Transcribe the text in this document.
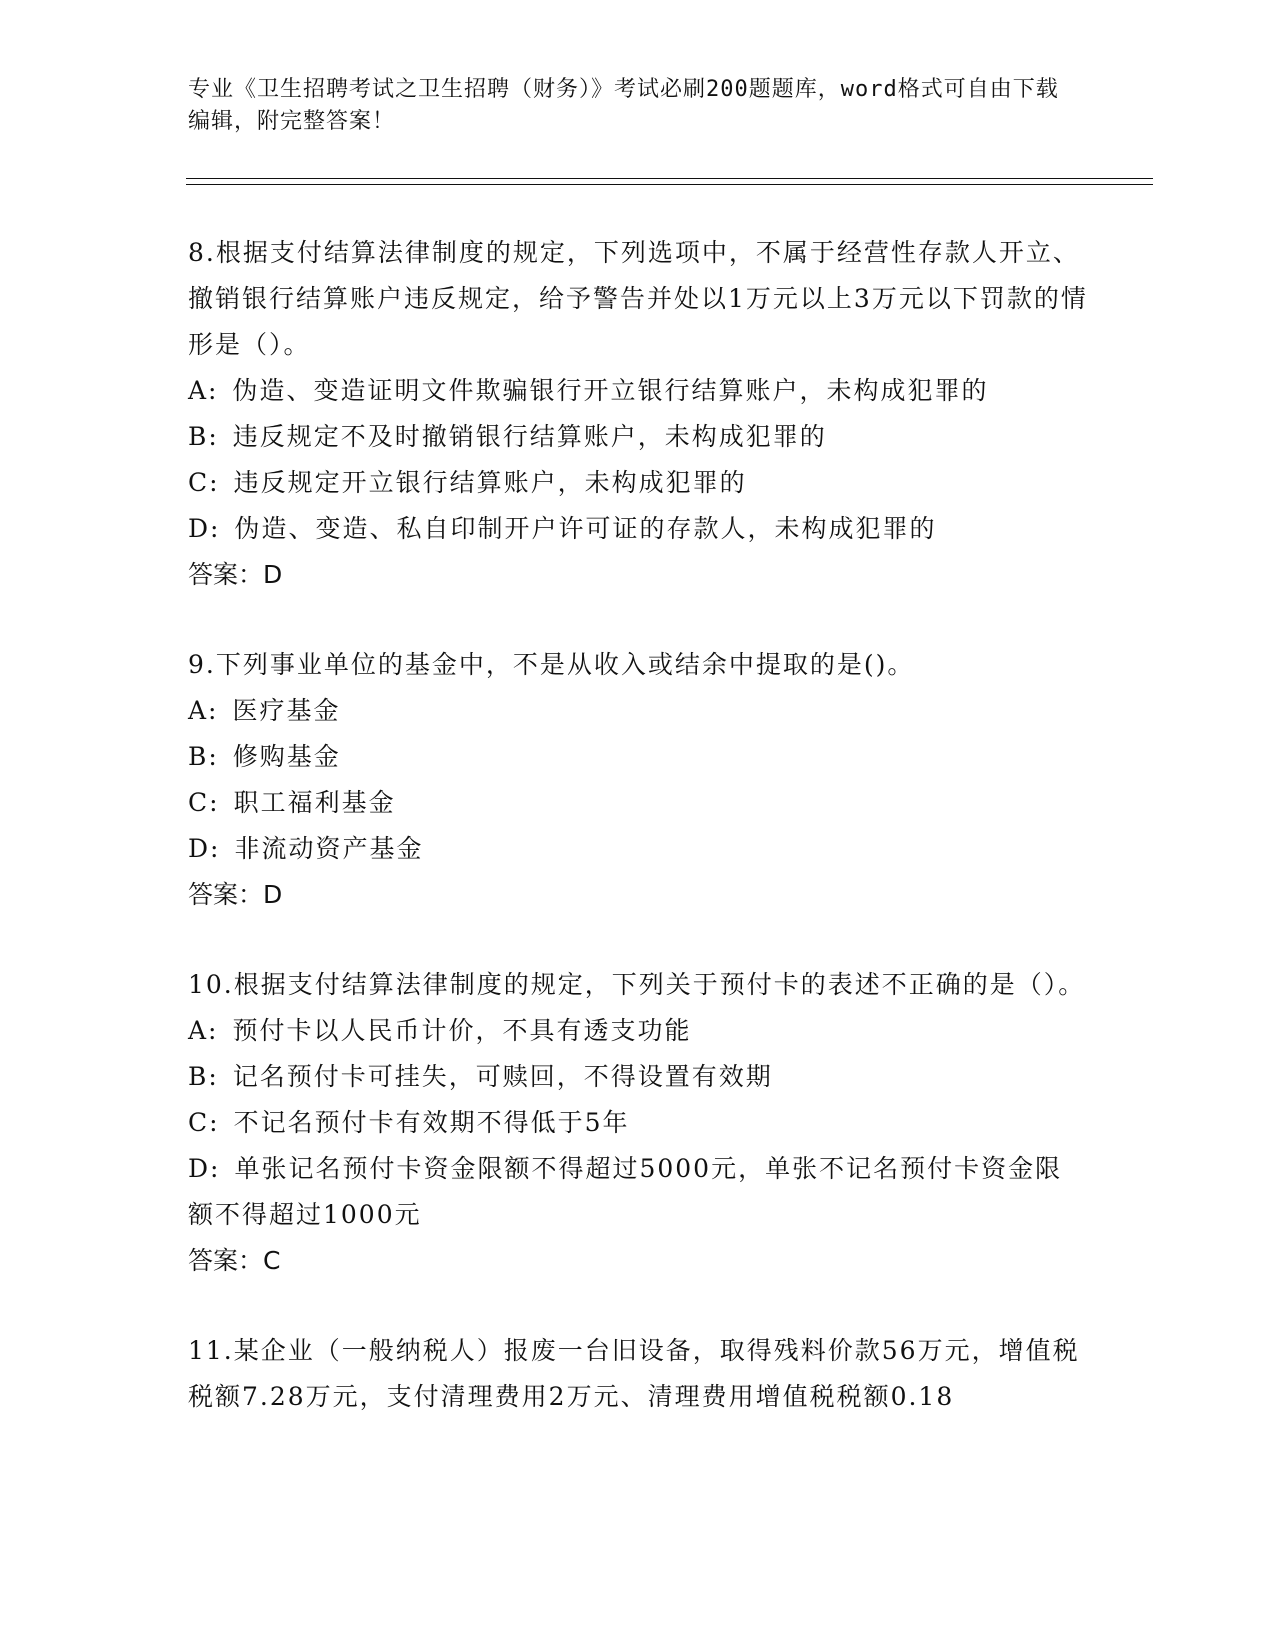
专业《卫生招聘考试之卫生招聘（财务）》考试必刷200题题库，word格式可自由下载编辑，附完整答案！
8.根据支付结算法律制度的规定，下列选项中，不属于经营性存款人开立、撤销银行结算账户违反规定，给予警告并处以1万元以上3万元以下罚款的情形是（）。
A: 伪造、变造证明文件欺骗银行开立银行结算账户，未构成犯罪的
B: 违反规定不及时撤销银行结算账户，未构成犯罪的
C: 违反规定开立银行结算账户，未构成犯罪的
D: 伪造、变造、私自印制开户许可证的存款人，未构成犯罪的
答案：D
9.下列事业单位的基金中，不是从收入或结余中提取的是()。
A: 医疗基金
B: 修购基金
C: 职工福利基金
D: 非流动资产基金
答案：D
10.根据支付结算法律制度的规定，下列关于预付卡的表述不正确的是（）。
A: 预付卡以人民币计价，不具有透支功能
B: 记名预付卡可挂失，可赎回，不得设置有效期
C: 不记名预付卡有效期不得低于5年
D: 单张记名预付卡资金限额不得超过5000元，单张不记名预付卡资金限额不得超过1000元
答案：C
11.某企业（一般纳税人）报废一台旧设备，取得残料价款56万元，增值税税额7.28万元，支付清理费用2万元、清理费用增值税税额0.18
